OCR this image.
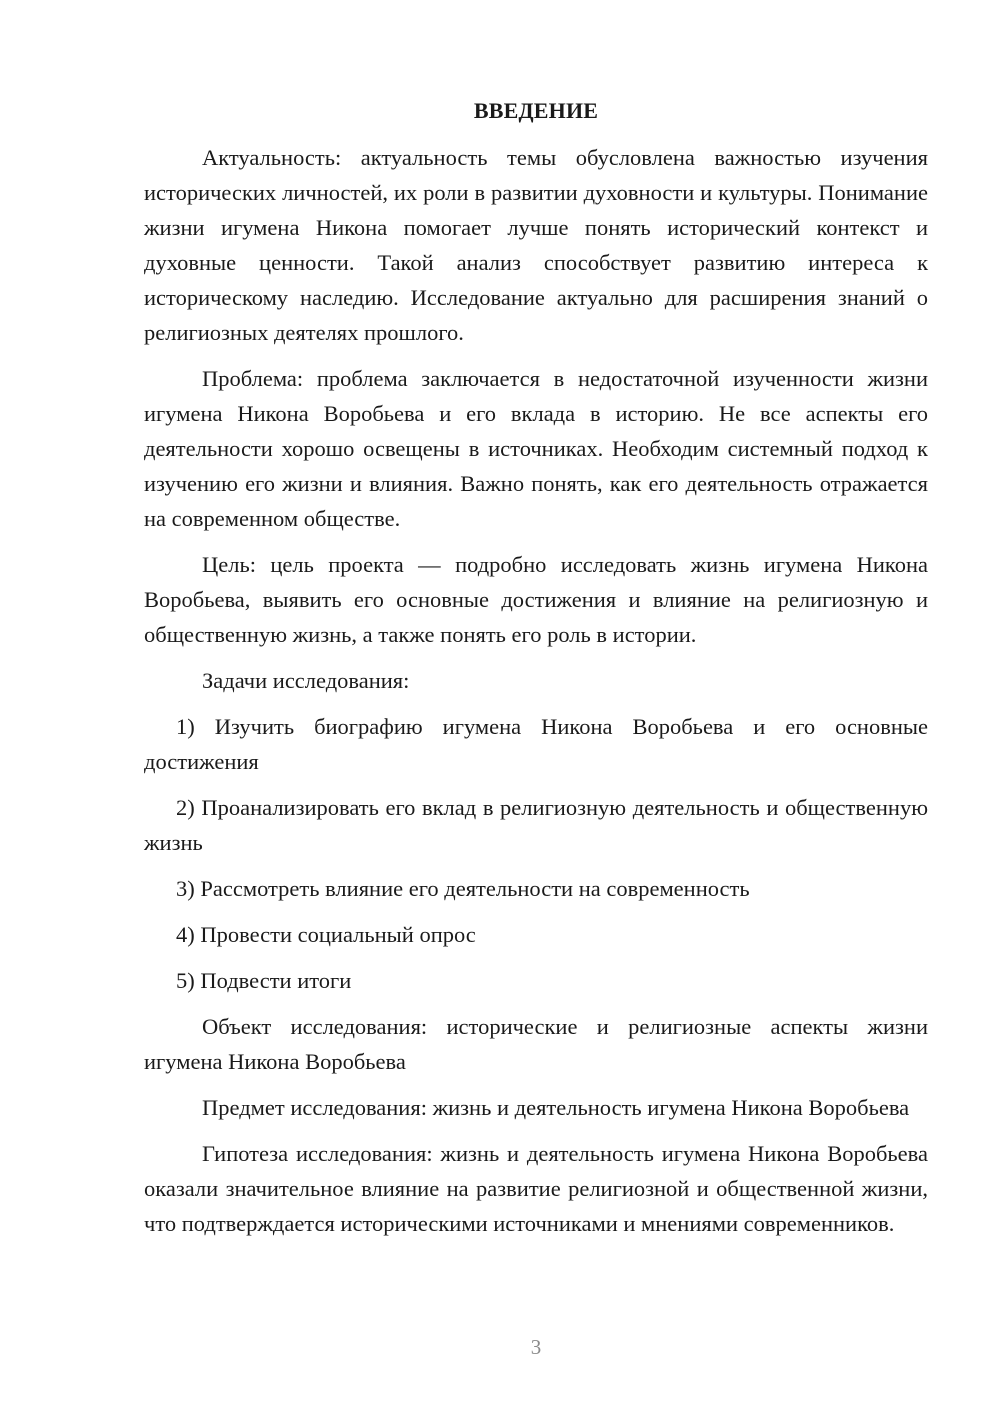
ВВЕДЕНИЕ

Актуальность: актуальность темы обусловлена важностью изучения исторических личностей, их роли в развитии духовности и культуры. Понимание жизни игумена Никона помогает лучше понять исторический контекст и духовные ценности. Такой анализ способствует развитию интереса к историческому наследию. Исследование актуально для расширения знаний о религиозных деятелях прошлого.

Проблема: проблема заключается в недостаточной изученности жизни игумена Никона Воробьева и его вклада в историю. Не все аспекты его деятельности хорошо освещены в источниках. Необходим системный подход к изучению его жизни и влияния. Важно понять, как его деятельность отражается на современном обществе.

Цель: цель проекта — подробно исследовать жизнь игумена Никона Воробьева, выявить его основные достижения и влияние на религиозную и общественную жизнь, а также понять его роль в истории.

Задачи исследования:

1) Изучить биографию игумена Никона Воробьева и его основные достижения

2) Проанализировать его вклад в религиозную деятельность и общественную жизнь

3) Рассмотреть влияние его деятельности на современность

4) Провести социальный опрос

5) Подвести итоги

Объект исследования: исторические и религиозные аспекты жизни игумена Никона Воробьева

Предмет исследования: жизнь и деятельность игумена Никона Воробьева

Гипотеза исследования: жизнь и деятельность игумена Никона Воробьева оказали значительное влияние на развитие религиозной и общественной жизни, что подтверждается историческими источниками и мнениями современников.

3
